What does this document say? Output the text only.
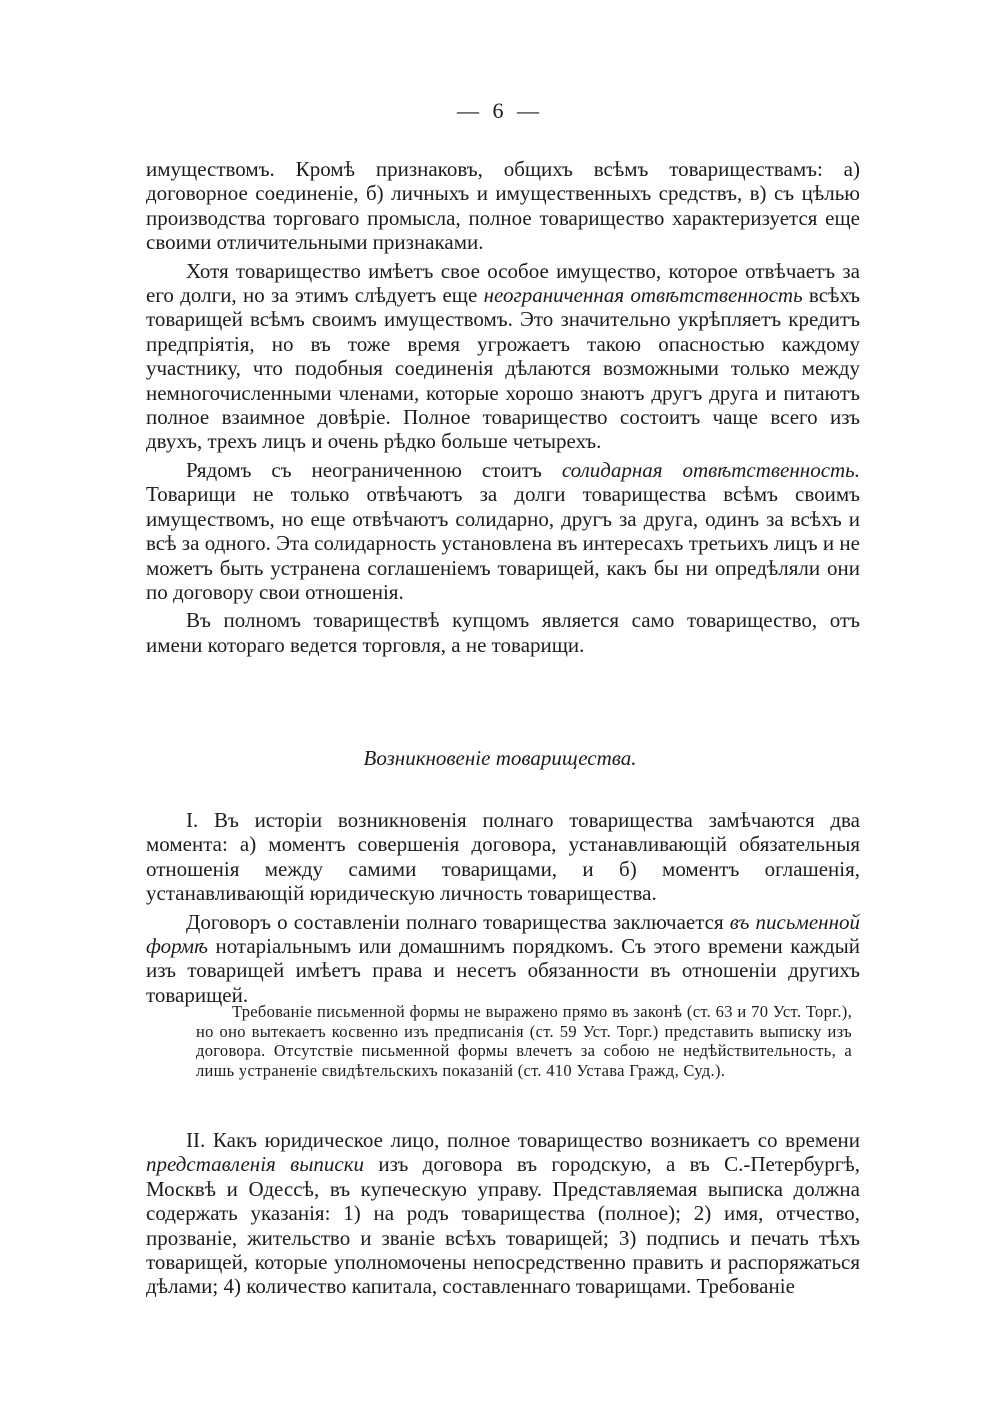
— 6 —

имуществомъ. Кромѣ признаковъ, общихъ всѣмъ товариществамъ: а) договорное соединеніе, б) личныхъ и имущественныхъ средствъ, в) съ цѣлью производства торговаго промысла, полное товарищество характеризуется еще своими отличительными признаками.

Хотя товарищество имѣетъ свое особое имущество, которое отвѣчаетъ за его долги, но за этимъ слѣдуетъ еще неограниченная отвѣтственность всѣхъ товарищей всѣмъ своимъ имуществомъ. Это значительно укрѣпляетъ кредитъ предпріятія, но въ тоже время угрожаетъ такою опасностью каждому участнику, что подобныя соединенія дѣлаются возможными только между немногочисленными членами, которые хорошо знаютъ другъ друга и питаютъ полное взаимное довѣріе. Полное товарищество состоитъ чаще всего изъ двухъ, трехъ лицъ и очень рѣдко больше четырехъ.

Рядомъ съ неограниченною стоитъ солидарная отвѣтственность. Товарищи не только отвѣчаютъ за долги товарищества всѣмъ своимъ имуществомъ, но еще отвѣчаютъ солидарно, другъ за друга, одинъ за всѣхъ и всѣ за одного. Эта солидарность установлена въ интересахъ третьихъ лицъ и не можетъ быть устранена соглашеніемъ товарищей, какъ бы ни опредѣляли они по договору свои отношенія.

Въ полномъ товариществѣ купцомъ является само товарищество, отъ имени котораго ведется торговля, а не товарищи.

Возникновеніе товарищества.

I. Въ исторіи возникновенія полнаго товарищества замѣчаются два момента: а) моментъ совершенія договора, устанавливающій обязательныя отношенія между самими товарищами, и б) моментъ оглашенія, устанавливающій юридическую личность товарищества.

Договоръ о составленіи полнаго товарищества заключается въ письменной формѣ нотаріальнымъ или домашнимъ порядкомъ. Съ этого времени каждый изъ товарищей имѣетъ права и несетъ обязанности въ отношеніи другихъ товарищей.

Требованіе письменной формы не выражено прямо въ законѣ (ст. 63 и 70 Уст. Торг.), но оно вытекаетъ косвенно изъ предписанія (ст. 59 Уст. Торг.) представить выписку изъ договора. Отсутствіе письменной формы влечетъ за собою не недѣйствительность, а лишь устраненіе свидѣтельскихъ показаній (ст. 410 Устава Гражд, Суд.).

II. Какъ юридическое лицо, полное товарищество возникаетъ со времени представленія выписки изъ договора въ городскую, а въ С.-Петербургѣ, Москвѣ и Одессѣ, въ купеческую управу. Представляемая выписка должна содержать указанія: 1) на родъ товарищества (полное); 2) имя, отчество, прозваніе, жительство и званіе всѣхъ товарищей; 3) подпись и печать тѣхъ товарищей, которые уполномочены непосредственно править и распоряжаться дѣлами; 4) количество капитала, составленнаго товарищами. Требованіе
